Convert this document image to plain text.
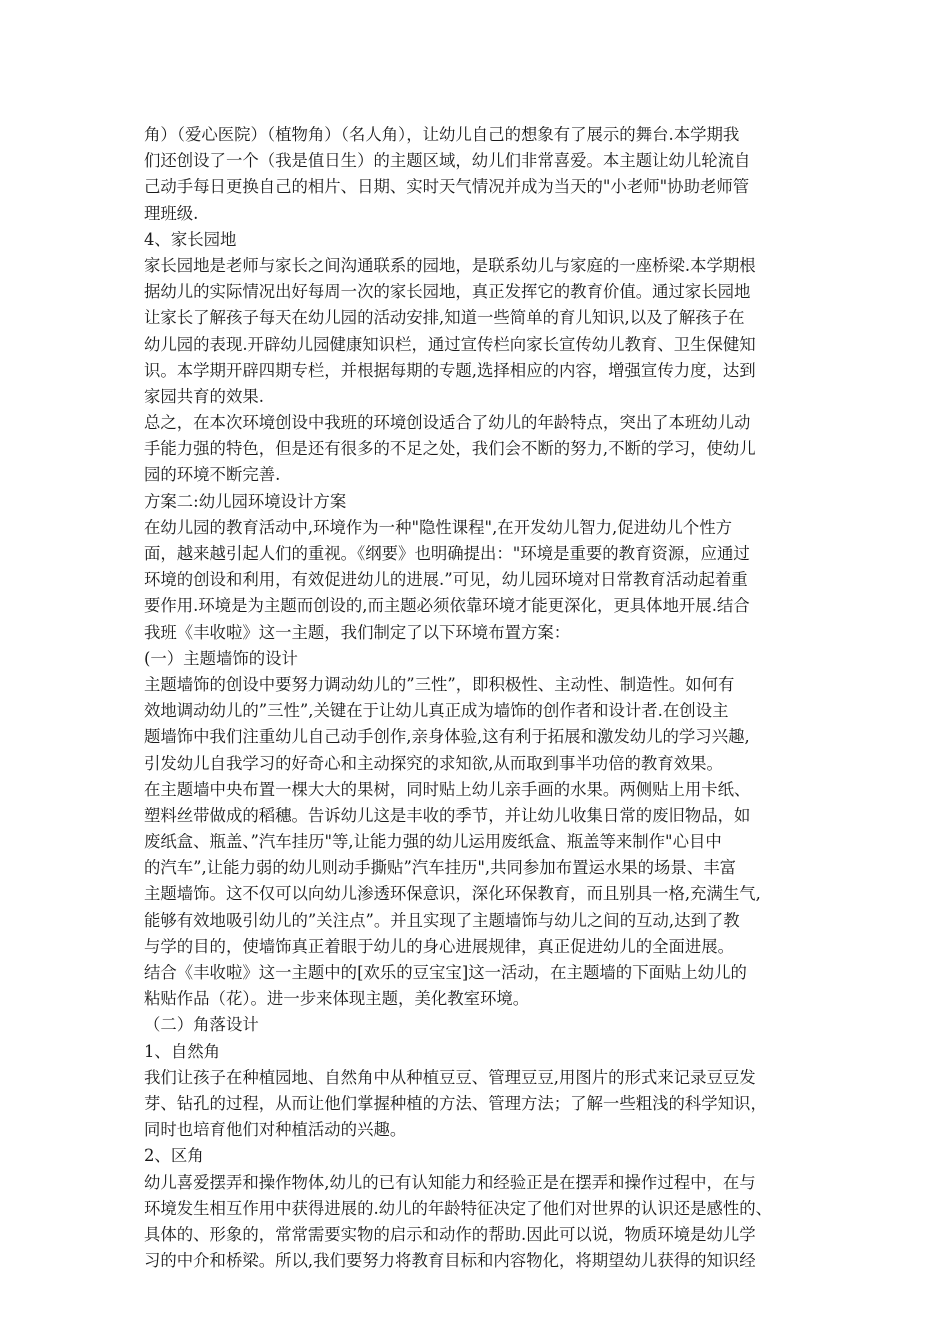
角）（爱心医院）（植物角）（名人角），让幼儿自己的想象有了展示的舞台.本学期我
们还创设了一个（我是值日生）的主题区域，幼儿们非常喜爱。本主题让幼儿轮流自
己动手每日更换自己的相片、日期、实时天气情况并成为当天的"小老师"协助老师管
理班级.
4、家长园地
家长园地是老师与家长之间沟通联系的园地，是联系幼儿与家庭的一座桥梁.本学期根
据幼儿的实际情况出好每周一次的家长园地，真正发挥它的教育价值。通过家长园地
让家长了解孩子每天在幼儿园的活动安排,知道一些简单的育儿知识,以及了解孩子在
幼儿园的表现.开辟幼儿园健康知识栏，通过宣传栏向家长宣传幼儿教育、卫生保健知
识。本学期开辟四期专栏，并根据每期的专题,选择相应的内容，增强宣传力度，达到
家园共育的效果.
总之，在本次环境创设中我班的环境创设适合了幼儿的年龄特点，突出了本班幼儿动
手能力强的特色，但是还有很多的不足之处，我们会不断的努力,不断的学习，使幼儿
园的环境不断完善.
方案二:幼儿园环境设计方案
在幼儿园的教育活动中,环境作为一种"隐性课程",在开发幼儿智力,促进幼儿个性方
面，越来越引起人们的重视。《纲要》也明确提出："环境是重要的教育资源，应通过
环境的创设和利用，有效促进幼儿的进展.”可见，幼儿园环境对日常教育活动起着重
要作用.环境是为主题而创设的,而主题必须依靠环境才能更深化，更具体地开展.结合
我班《丰收啦》这一主题，我们制定了以下环境布置方案：
(一）主题墙饰的设计
主题墙饰的创设中要努力调动幼儿的”三性”，即积极性、主动性、制造性。如何有
效地调动幼儿的”三性”,关键在于让幼儿真正成为墙饰的创作者和设计者.在创设主
题墙饰中我们注重幼儿自己动手创作,亲身体验,这有利于拓展和激发幼儿的学习兴趣,
引发幼儿自我学习的好奇心和主动探究的求知欲,从而取到事半功倍的教育效果。
在主题墙中央布置一棵大大的果树，同时贴上幼儿亲手画的水果。两侧贴上用卡纸、
塑料丝带做成的稻穗。告诉幼儿这是丰收的季节，并让幼儿收集日常的废旧物品，如
废纸盒、瓶盖、”汽车挂历"等,让能力强的幼儿运用废纸盒、瓶盖等来制作"心目中
的汽车”,让能力弱的幼儿则动手撕贴”汽车挂历",共同参加布置运水果的场景、丰富
主题墙饰。这不仅可以向幼儿渗透环保意识，深化环保教育，而且别具一格,充满生气,
能够有效地吸引幼儿的”关注点”。并且实现了主题墙饰与幼儿之间的互动,达到了教
与学的目的，使墙饰真正着眼于幼儿的身心进展规律，真正促进幼儿的全面进展。
结合《丰收啦》这一主题中的[欢乐的豆宝宝]这一活动，在主题墙的下面贴上幼儿的
粘贴作品（花）。进一步来体现主题，美化教室环境。
（二）角落设计
1、自然角
我们让孩子在种植园地、自然角中从种植豆豆、管理豆豆,用图片的形式来记录豆豆发
芽、钻孔的过程，从而让他们掌握种植的方法、管理方法；了解一些粗浅的科学知识，
同时也培育他们对种植活动的兴趣。
2、区角
幼儿喜爱摆弄和操作物体,幼儿的已有认知能力和经验正是在摆弄和操作过程中，在与
环境发生相互作用中获得进展的.幼儿的年龄特征决定了他们对世界的认识还是感性的、
具体的、形象的，常常需要实物的启示和动作的帮助.因此可以说，物质环境是幼儿学
习的中介和桥梁。所以,我们要努力将教育目标和内容物化，将期望幼儿获得的知识经
